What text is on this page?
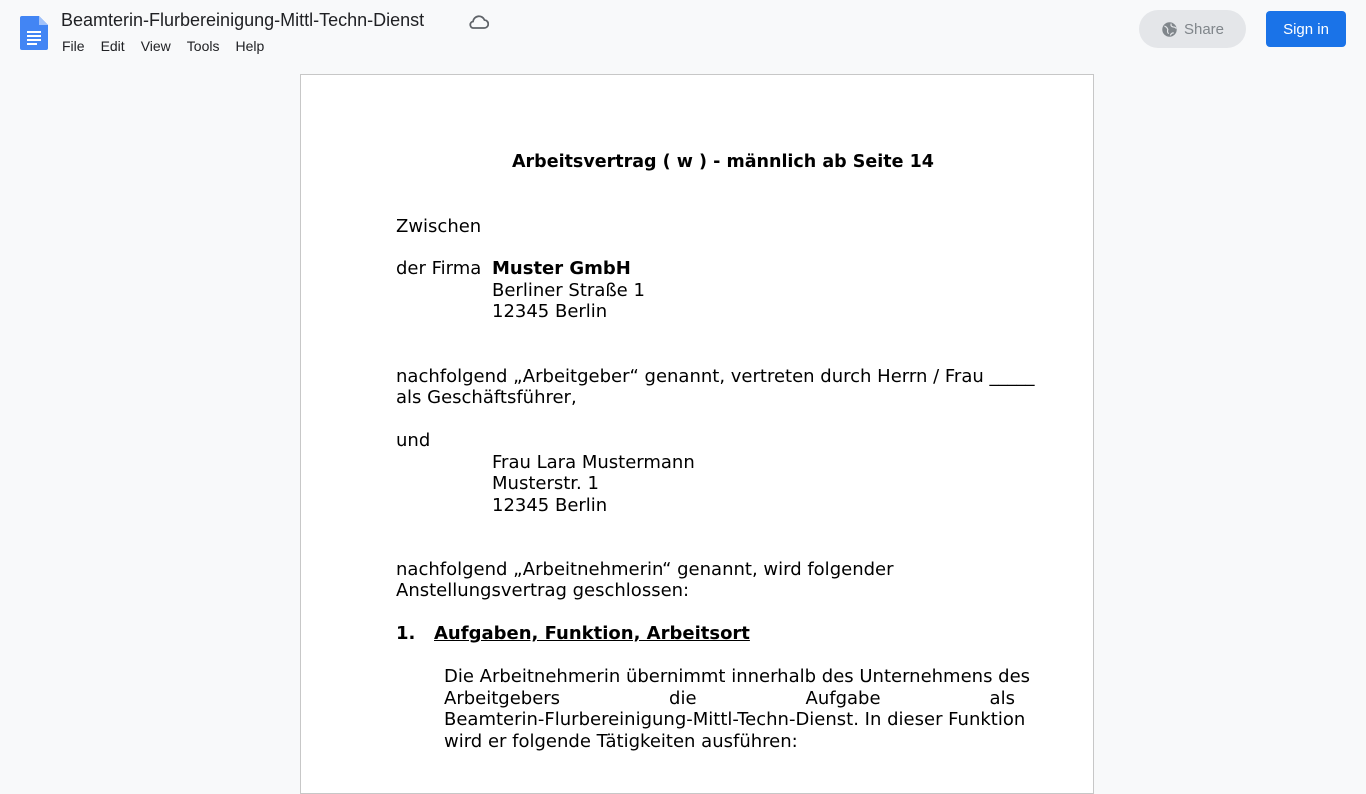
Beamterin-Flurbereinigung-Mittl-Techn-Dienst
File	Edit	View	Tools	Help
Share	Sign in
Arbeitsvertrag ( w ) - männlich ab Seite 14
Zwischen
der Firma Muster GmbH
Berliner Straße 1
12345 Berlin
nachfolgend „Arbeitgeber“ genannt, vertreten durch Herrn / Frau _____
als Geschäftsführer,
und
Frau Lara Mustermann
Musterstr. 1
12345 Berlin
nachfolgend „Arbeitnehmerin“ genannt, wird folgender
Anstellungsvertrag geschlossen:
1. Aufgaben, Funktion, Arbeitsort
Die Arbeitnehmerin übernimmt innerhalb des Unternehmens des
Arbeitgebers	die	Aufgabe	als
Beamterin-Flurbereinigung-Mittl-Techn-Dienst. In dieser Funktion
wird er folgende Tätigkeiten ausführen:
